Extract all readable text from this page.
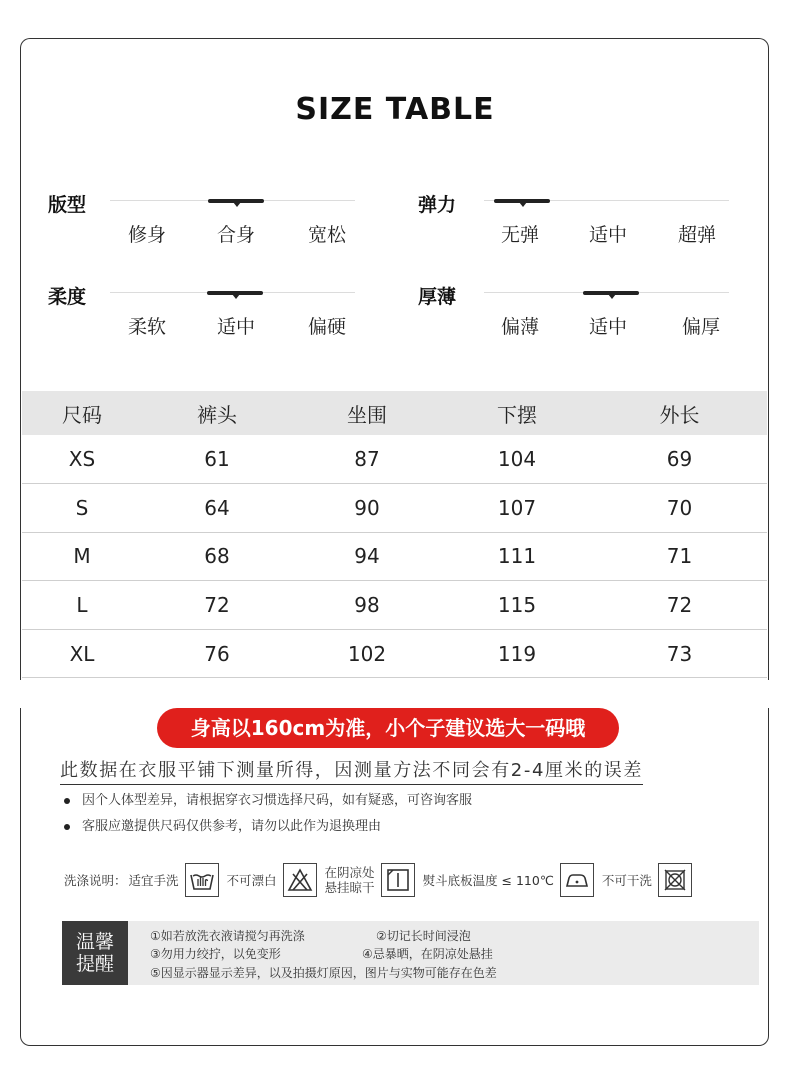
SIZE TABLE
版型
修身	合身	宽松
弹力
无弹	适中	超弹
柔度
柔软	适中	偏硬
厚薄
偏薄	适中	偏厚
尺码	裤头	坐围	下摆	外长
XS	61	87	104	69
S	64	90	107	70
M	68	94	111	71
L	72	98	115	72
XL	76	102	119	73
身高以160cm为准，小个子建议选大一码哦
此数据在衣服平铺下测量所得，因测量方法不同会有2-4厘米的误差
因个人体型差异，请根据穿衣习惯选择尺码，如有疑惑，可咨询客服
客服应邀提供尺码仅供参考，请勿以此作为退换理由
洗涤说明： 适宜手洗	不可漂白
在阴凉处
悬挂晾干	熨斗底板温度 ≤ 110℃	不可干洗
温馨
提醒
①如若放洗衣液请搅匀再洗涤	②切记长时间浸泡
③勿用力绞拧，以免变形	④忌暴晒，在阴凉处悬挂
⑤因显示器显示差异，以及拍摄灯原因，图片与实物可能存在色差
